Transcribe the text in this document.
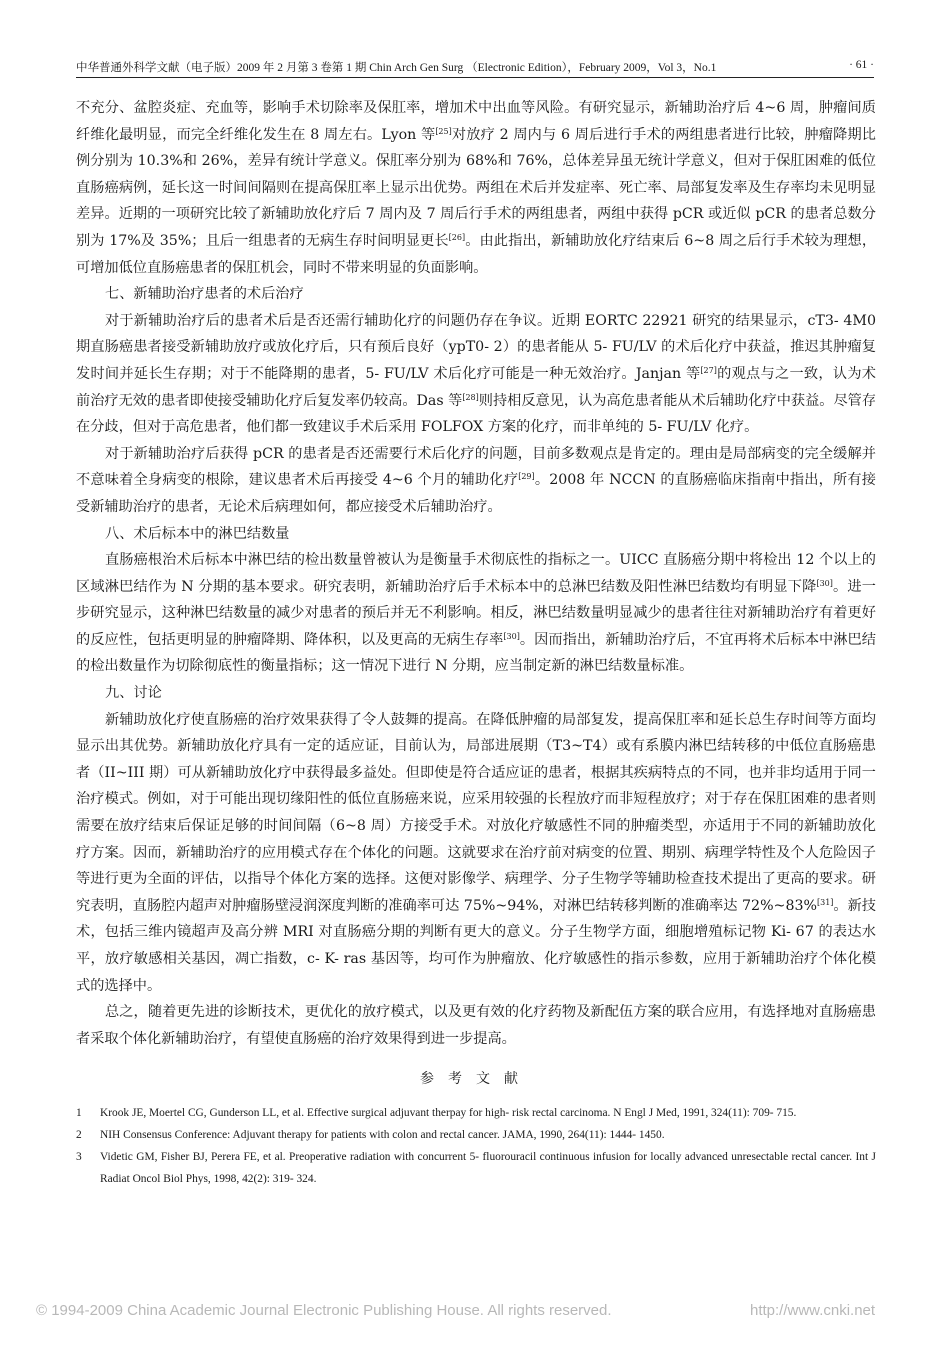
中华普通外科学文献（电子版）2009 年 2 月第 3 卷第 1 期 Chin Arch Gen Surg （Electronic Edition），February 2009，Vol 3，No.1	· 61 ·

不充分、盆腔炎症、充血等，影响手术切除率及保肛率，增加术中出血等风险。有研究显示，新辅助治疗后 4~6 周，肿瘤间质纤维化最明显，而完全纤维化发生在 8 周左右。Lyon 等[25]对放疗 2 周内与 6 周后进行手术的两组患者进行比较，肿瘤降期比例分别为 10.3%和 26%，差异有统计学意义。保肛率分别为 68%和 76%，总体差异虽无统计学意义，但对于保肛困难的低位直肠癌病例，延长这一时间间隔则在提高保肛率上显示出优势。两组在术后并发症率、死亡率、局部复发率及生存率均未见明显差异。近期的一项研究比较了新辅助放化疗后 7 周内及 7 周后行手术的两组患者，两组中获得 pCR 或近似 pCR 的患者总数分别为 17%及 35%；且后一组患者的无病生存时间明显更长[26]。由此指出，新辅助放化疗结束后 6~8 周之后行手术较为理想，可增加低位直肠癌患者的保肛机会，同时不带来明显的负面影响。

七、新辅助治疗患者的术后治疗

对于新辅助治疗后的患者术后是否还需行辅助化疗的问题仍存在争议。近期 EORTC 22921 研究的结果显示，cT3- 4M0 期直肠癌患者接受新辅助放疗或放化疗后，只有预后良好（ypT0- 2）的患者能从 5- FU/LV 的术后化疗中获益，推迟其肿瘤复发时间并延长生存期；对于不能降期的患者，5- FU/LV 术后化疗可能是一种无效治疗。Janjan 等[27]的观点与之一致，认为术前治疗无效的患者即使接受辅助化疗后复发率仍较高。Das 等[28]则持相反意见，认为高危患者能从术后辅助化疗中获益。尽管存在分歧，但对于高危患者，他们都一致建议手术后采用 FOLFOX 方案的化疗，而非单纯的 5- FU/LV 化疗。

对于新辅助治疗后获得 pCR 的患者是否还需要行术后化疗的问题，目前多数观点是肯定的。理由是局部病变的完全缓解并不意味着全身病变的根除，建议患者术后再接受 4~6 个月的辅助化疗[29]。2008 年 NCCN 的直肠癌临床指南中指出，所有接受新辅助治疗的患者，无论术后病理如何，都应接受术后辅助治疗。

八、术后标本中的淋巴结数量

直肠癌根治术后标本中淋巴结的检出数量曾被认为是衡量手术彻底性的指标之一。UICC 直肠癌分期中将检出 12 个以上的区域淋巴结作为 N 分期的基本要求。研究表明，新辅助治疗后手术标本中的总淋巴结数及阳性淋巴结数均有明显下降[30]。进一步研究显示，这种淋巴结数量的减少对患者的预后并无不利影响。相反，淋巴结数量明显减少的患者往往对新辅助治疗有着更好的反应性，包括更明显的肿瘤降期、降体积，以及更高的无病生存率[30]。因而指出，新辅助治疗后，不宜再将术后标本中淋巴结的检出数量作为切除彻底性的衡量指标；这一情况下进行 N 分期，应当制定新的淋巴结数量标准。

九、讨论

新辅助放化疗使直肠癌的治疗效果获得了令人鼓舞的提高。在降低肿瘤的局部复发，提高保肛率和延长总生存时间等方面均显示出其优势。新辅助放化疗具有一定的适应证，目前认为，局部进展期（T3~T4）或有系膜内淋巴结转移的中低位直肠癌患者（II~III 期）可从新辅助放化疗中获得最多益处。但即使是符合适应证的患者，根据其疾病特点的不同，也并非均适用于同一治疗模式。例如，对于可能出现切缘阳性的低位直肠癌来说，应采用较强的长程放疗而非短程放疗；对于存在保肛困难的患者则需要在放疗结束后保证足够的时间间隔（6~8 周）方接受手术。对放化疗敏感性不同的肿瘤类型，亦适用于不同的新辅助放化疗方案。因而，新辅助治疗的应用模式存在个体化的问题。这就要求在治疗前对病变的位置、期别、病理学特性及个人危险因子等进行更为全面的评估，以指导个体化方案的选择。这便对影像学、病理学、分子生物学等辅助检查技术提出了更高的要求。研究表明，直肠腔内超声对肿瘤肠壁浸润深度判断的准确率可达 75%~94%，对淋巴结转移判断的准确率达 72%~83%[31]。新技术，包括三维内镜超声及高分辨 MRI 对直肠癌分期的判断有更大的意义。分子生物学方面，细胞增殖标记物 Ki- 67 的表达水平，放疗敏感相关基因，凋亡指数，c- K- ras 基因等，均可作为肿瘤放、化疗敏感性的指示参数，应用于新辅助治疗个体化模式的选择中。

总之，随着更先进的诊断技术，更优化的放疗模式，以及更有效的化疗药物及新配伍方案的联合应用，有选择地对直肠癌患者采取个体化新辅助治疗，有望使直肠癌的治疗效果得到进一步提高。

参考文献
1	Krook JE, Moertel CG, Gunderson LL, et al. Effective surgical adjuvant therpay for high- risk rectal carcinoma. N Engl J Med, 1991, 324(11): 709- 715.
2	NIH Consensus Conference: Adjuvant therapy for patients with colon and rectal cancer. JAMA, 1990, 264(11): 1444- 1450.
3	Videtic GM, Fisher BJ, Perera FE, et al. Preoperative radiation with concurrent 5- fluorouracil continuous infusion for locally advanced unresectable rectal cancer. Int J Radiat Oncol Biol Phys, 1998, 42(2): 319- 324.
© 1994-2009 China Academic Journal Electronic Publishing House. All rights reserved.	http://www.cnki.net
